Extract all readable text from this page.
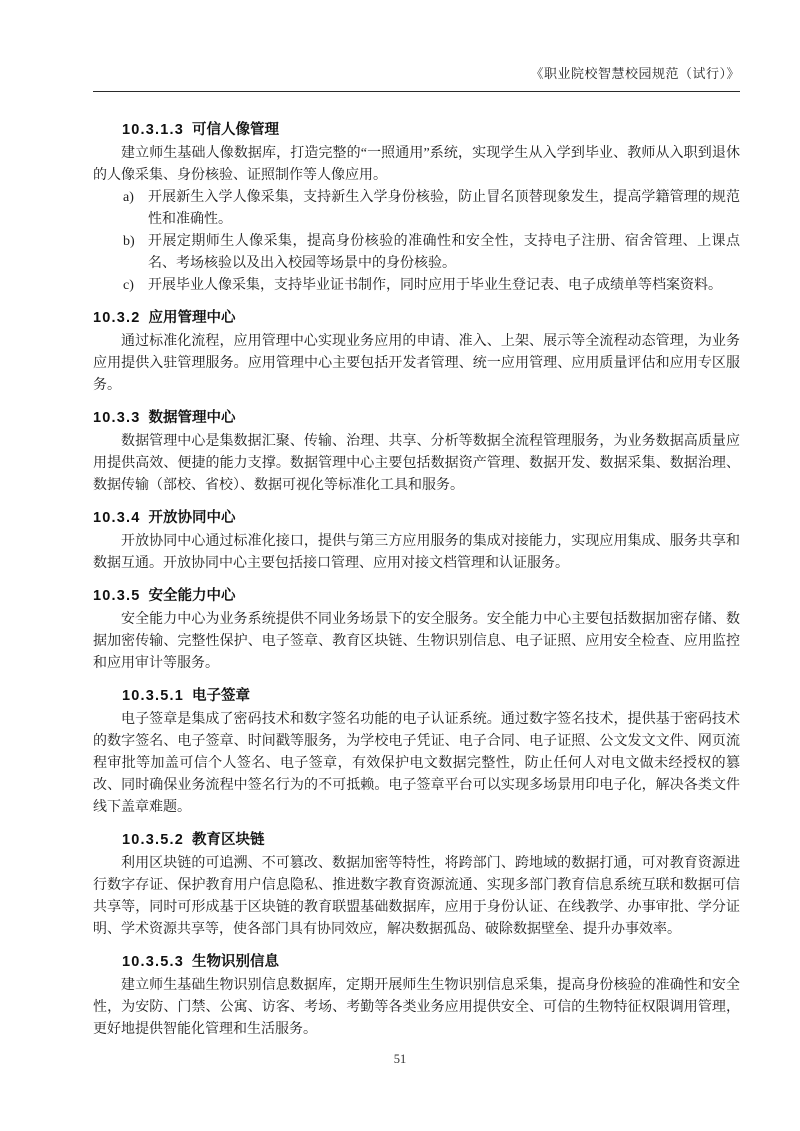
《职业院校智慧校园规范（试行）》
10.3.1.3 可信人像管理

建立师生基础人像数据库，打造完整的“一照通用”系统，实现学生从入学到毕业、教师从入职到退休的人像采集、身份核验、证照制作等人像应用。

a) 开展新生入学人像采集，支持新生入学身份核验，防止冒名顶替现象发生，提高学籍管理的规范性和准确性。
b) 开展定期师生人像采集，提高身份核验的准确性和安全性，支持电子注册、宿舍管理、上课点名、考场核验以及出入校园等场景中的身份核验。
c) 开展毕业人像采集，支持毕业证书制作，同时应用于毕业生登记表、电子成绩单等档案资料。
10.3.2 应用管理中心

通过标准化流程，应用管理中心实现业务应用的申请、准入、上架、展示等全流程动态管理，为业务应用提供入驻管理服务。应用管理中心主要包括开发者管理、统一应用管理、应用质量评估和应用专区服务。

10.3.3 数据管理中心

数据管理中心是集数据汇聚、传输、治理、共享、分析等数据全流程管理服务，为业务数据高质量应用提供高效、便捷的能力支撑。数据管理中心主要包括数据资产管理、数据开发、数据采集、数据治理、数据传输（部校、省校）、数据可视化等标准化工具和服务。

10.3.4 开放协同中心

开放协同中心通过标准化接口，提供与第三方应用服务的集成对接能力，实现应用集成、服务共享和数据互通。开放协同中心主要包括接口管理、应用对接文档管理和认证服务。

10.3.5 安全能力中心

安全能力中心为业务系统提供不同业务场景下的安全服务。安全能力中心主要包括数据加密存储、数据加密传输、完整性保护、电子签章、教育区块链、生物识别信息、电子证照、应用安全检查、应用监控和应用审计等服务。

10.3.5.1 电子签章

电子签章是集成了密码技术和数字签名功能的电子认证系统。通过数字签名技术，提供基于密码技术的数字签名、电子签章、时间戳等服务，为学校电子凭证、电子合同、电子证照、公文发文文件、网页流程审批等加盖可信个人签名、电子签章，有效保护电文数据完整性，防止任何人对电文做未经授权的篡改、同时确保业务流程中签名行为的不可抵赖。电子签章平台可以实现多场景用印电子化，解决各类文件线下盖章难题。

10.3.5.2 教育区块链

利用区块链的可追溯、不可篡改、数据加密等特性，将跨部门、跨地域的数据打通，可对教育资源进行数字存证、保护教育用户信息隐私、推进数字教育资源流通、实现多部门教育信息系统互联和数据可信共享等，同时可形成基于区块链的教育联盟基础数据库，应用于身份认证、在线教学、办事审批、学分证明、学术资源共享等，使各部门具有协同效应，解决数据孤岛、破除数据壁垒、提升办事效率。

10.3.5.3 生物识别信息

建立师生基础生物识别信息数据库，定期开展师生生物识别信息采集，提高身份核验的准确性和安全性，为安防、门禁、公寓、访客、考场、考勤等各类业务应用提供安全、可信的生物特征权限调用管理，更好地提供智能化管理和生活服务。

51
